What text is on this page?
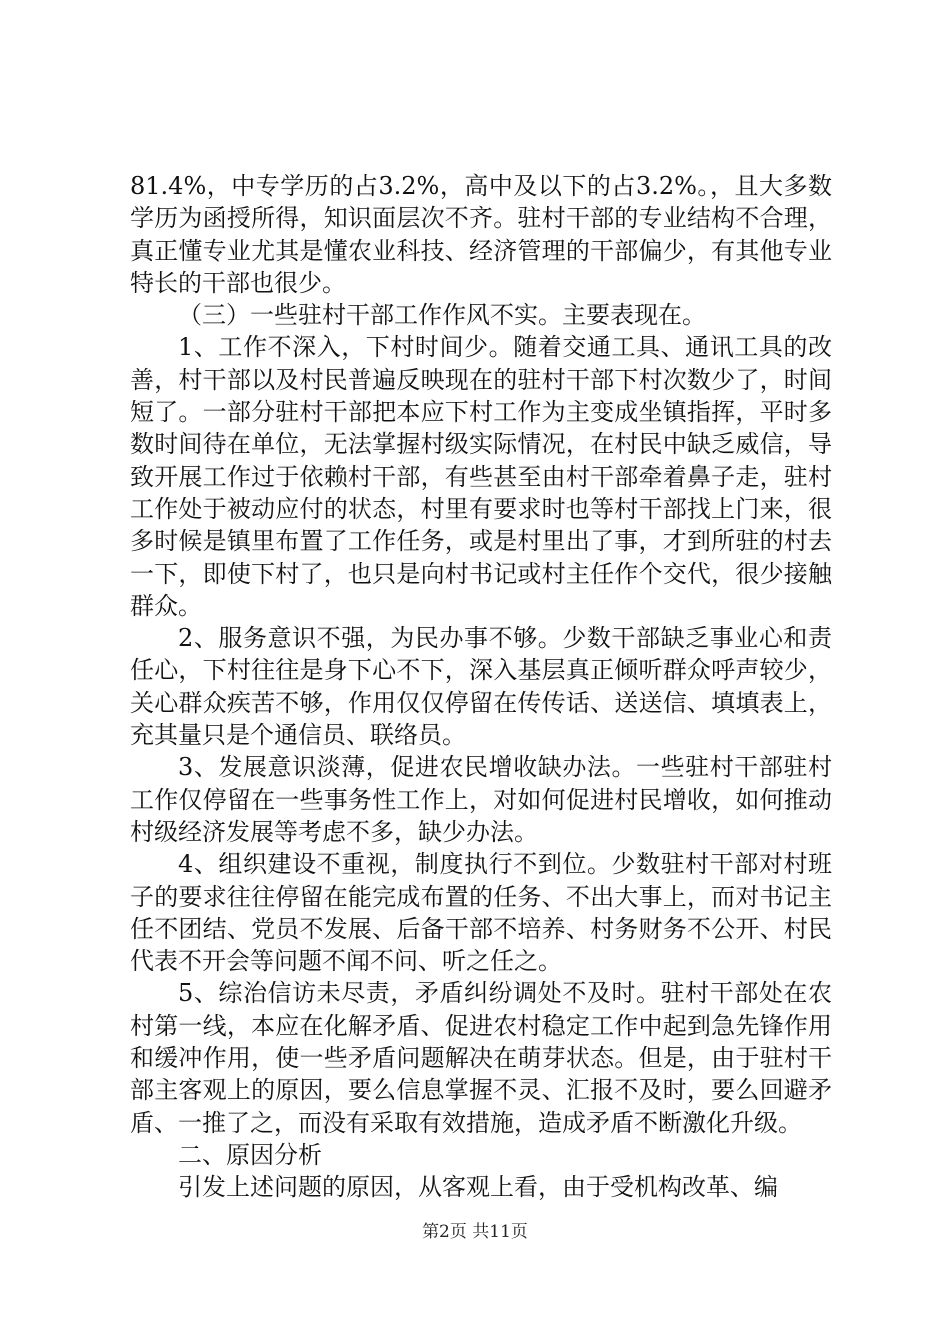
81.4%，中专学历的占3.2%，高中及以下的占3.2%。，且大多数学历为函授所得，知识面层次不齐。驻村干部的专业结构不合理，真正懂专业尤其是懂农业科技、经济管理的干部偏少，有其他专业特长的干部也很少。

（三）一些驻村干部工作作风不实。主要表现在。

1、工作不深入，下村时间少。随着交通工具、通讯工具的改善，村干部以及村民普遍反映现在的驻村干部下村次数少了，时间短了。一部分驻村干部把本应下村工作为主变成坐镇指挥，平时多数时间待在单位，无法掌握村级实际情况，在村民中缺乏威信，导致开展工作过于依赖村干部，有些甚至由村干部牵着鼻子走，驻村工作处于被动应付的状态，村里有要求时也等村干部找上门来，很多时候是镇里布置了工作任务，或是村里出了事，才到所驻的村去一下，即使下村了，也只是向村书记或村主任作个交代，很少接触群众。

2、服务意识不强，为民办事不够。少数干部缺乏事业心和责任心，下村往往是身下心不下，深入基层真正倾听群众呼声较少，关心群众疾苦不够，作用仅仅停留在传传话、送送信、填填表上，充其量只是个通信员、联络员。

3、发展意识淡薄，促进农民增收缺办法。一些驻村干部驻村工作仅停留在一些事务性工作上，对如何促进村民增收，如何推动村级经济发展等考虑不多，缺少办法。

4、组织建设不重视，制度执行不到位。少数驻村干部对村班子的要求往往停留在能完成布置的任务、不出大事上，而对书记主任不团结、党员不发展、后备干部不培养、村务财务不公开、村民代表不开会等问题不闻不问、听之任之。

5、综治信访未尽责，矛盾纠纷调处不及时。驻村干部处在农村第一线，本应在化解矛盾、促进农村稳定工作中起到急先锋作用和缓冲作用，使一些矛盾问题解决在萌芽状态。但是，由于驻村干部主客观上的原因，要么信息掌握不灵、汇报不及时，要么回避矛盾、一推了之，而没有采取有效措施，造成矛盾不断激化升级。

二、原因分析

引发上述问题的原因，从客观上看，由于受机构改革、编

第2页 共11页
